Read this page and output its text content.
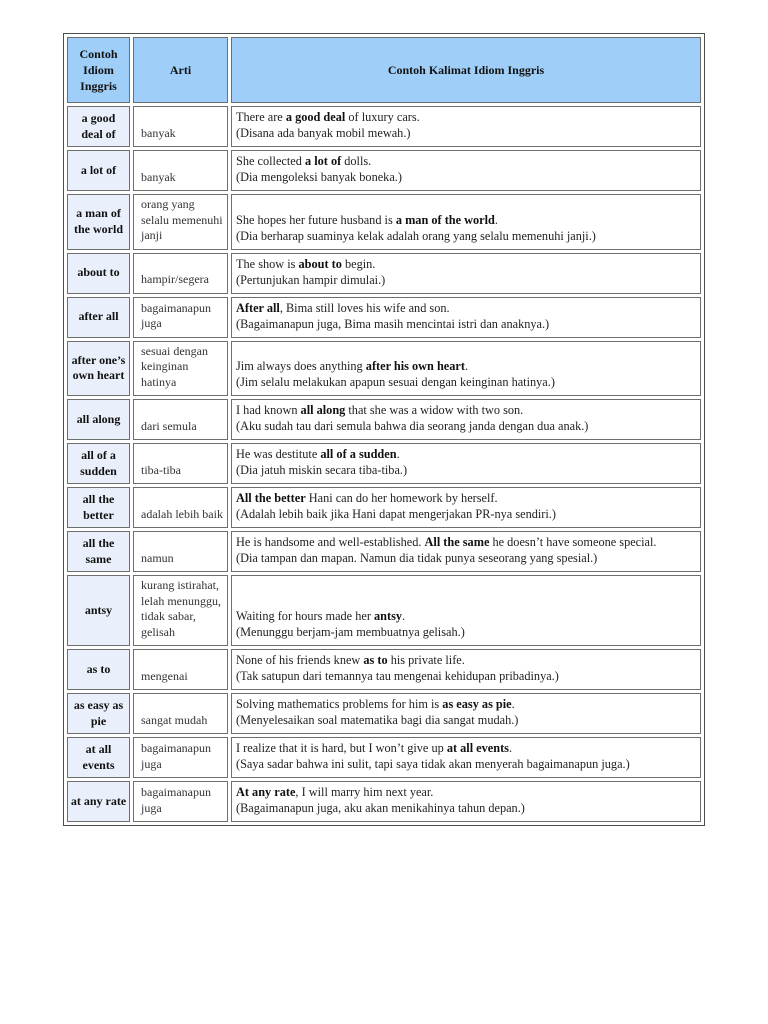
Contoh Idiom Inggris	Arti	Contoh Kalimat Idiom Inggris
a good deal of	banyak	There are a good deal of luxury cars.
(Disana ada banyak mobil mewah.)

a lot of	banyak	She collected a lot of dolls.
(Dia mengoleksi banyak boneka.)

a man of the world	orang yang selalu memenuhi janji	She hopes her future husband is a man of the world.
(Dia berharap suaminya kelak adalah orang yang selalu memenuhi janji.)

about to	hampir/segera	The show is about to begin.
(Pertunjukan hampir dimulai.)

after all	bagaimanapun juga	After all, Bima still loves his wife and son.
(Bagaimanapun juga, Bima masih mencintai istri dan anaknya.)

after one’s own heart	sesuai dengan keinginan hatinya	Jim always does anything after his own heart.
(Jim selalu melakukan apapun sesuai dengan keinginan hatinya.)

all along	dari semula	I had known all along that she was a widow with two son.
(Aku sudah tau dari semula bahwa dia seorang janda dengan dua anak.)

all of a sudden	tiba-tiba	He was destitute all of a sudden.
(Dia jatuh miskin secara tiba-tiba.)

all the better	adalah lebih baik	All the better Hani can do her homework by herself.
(Adalah lebih baik jika Hani dapat mengerjakan PR-nya sendiri.)

all the same	namun	He is handsome and well-established. All the same he doesn’t have someone special.
(Dia tampan dan mapan. Namun dia tidak punya seseorang yang spesial.)

antsy	kurang istirahat, lelah menunggu, tidak sabar, gelisah	Waiting for hours made her antsy.
(Menunggu berjam-jam membuatnya gelisah.)

as to	mengenai	None of his friends knew as to his private life.
(Tak satupun dari temannya tau mengenai kehidupan pribadinya.)

as easy as pie	sangat mudah	Solving mathematics problems for him is as easy as pie.
(Menyelesaikan soal matematika bagi dia sangat mudah.)

at all events	bagaimanapun juga	I realize that it is hard, but I won’t give up at all events.
(Saya sadar bahwa ini sulit, tapi saya tidak akan menyerah bagaimanapun juga.)

at any rate	bagaimanapun juga	At any rate, I will marry him next year.
(Bagaimanapun juga, aku akan menikahinya tahun depan.)
